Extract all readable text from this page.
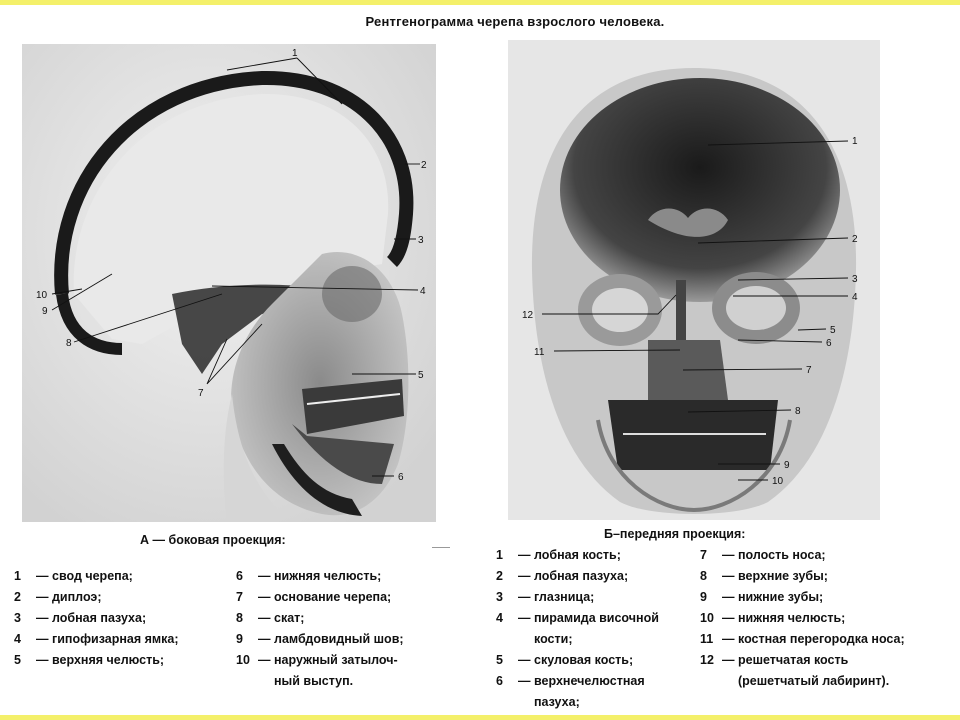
Рентгенограмма черепа взрослого человека.
1
2
3
4
5
6
7
8
9
10
1
2
3
4
5
6
7
8
9
10
11
12
А — боковая проекция:
1	— свод черепа;
2	— диплоэ;
3	— лобная пазуха;
4	— гипофизарная ямка;
5	— верхняя челюсть;
6	— нижняя челюсть;
7	— основание черепа;
8	— скат;
9	— ламбдовидный шов;
10 — наружный затылоч-
ный выступ.
Б–передняя проекция:
1	— лобная кость;
2	— лобная пазуха;
3	— глазница;
4	— пирамида височной
кости;
5	— скуловая кость;
6	— верхнечелюстная
пазуха;
7	— полость носа;
8	— верхние зубы;
9	— нижние зубы;
10 — нижняя челюсть;
11 — костная перегородка носа;
12 — решетчатая кость
(решетчатый лабиринт).
